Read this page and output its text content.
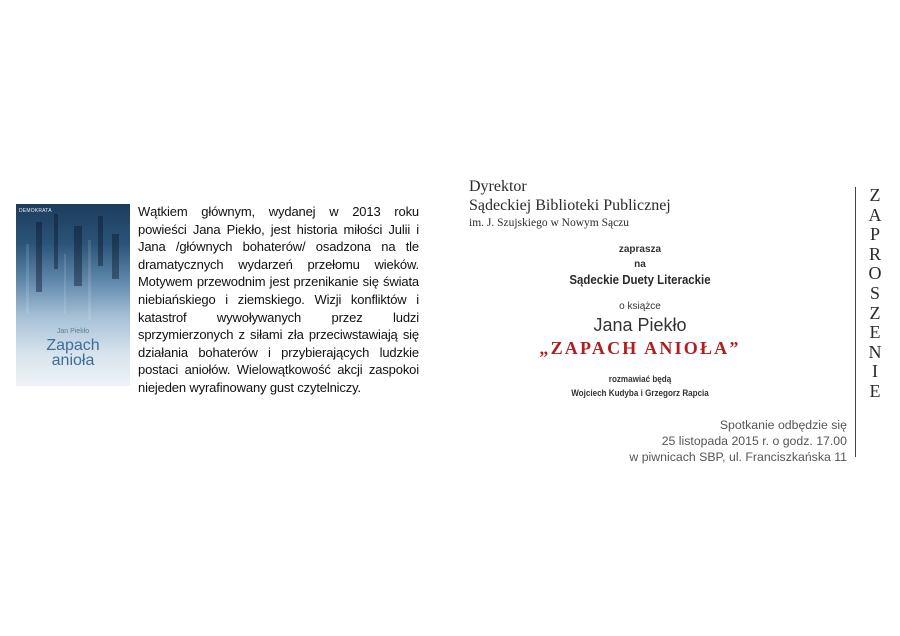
DEMOKRATA
Jan Piekło
Zapach
anioła
Wątkiem głównym, wydanej w 2013 roku powieści Jana Piekło, jest historia miłości Julii i Jana /głównych bohaterów/ osadzona na tle dramatycznych wydarzeń przełomu wieków. Motywem przewodnim jest przenikanie się świata niebiańskiego i ziemskiego. Wizji konfliktów i katastrof wywoływanych przez ludzi sprzymierzonych z siłami zła przeciwstawiają się działania bohaterów i przybierających ludzkie postaci aniołów. Wielowątkowość akcji zaspokoi niejeden wyrafinowany gust czytelniczy.
Dyrektor
Sądeckiej Biblioteki Publicznej
im. J. Szujskiego w Nowym Sączu
zaprasza
na
Sądeckie Duety Literackie
o książce
Jana Piekło
„ZAPACH ANIOŁA”
rozmawiać będą
Wojciech Kudyba i Grzegorz Rapcia
Spotkanie odbędzie się
25 listopada 2015 r. o godz. 17.00
w piwnicach SBP, ul. Franciszkańska 11
Z
A
P
R
O
S
Z
E
N
I
E
